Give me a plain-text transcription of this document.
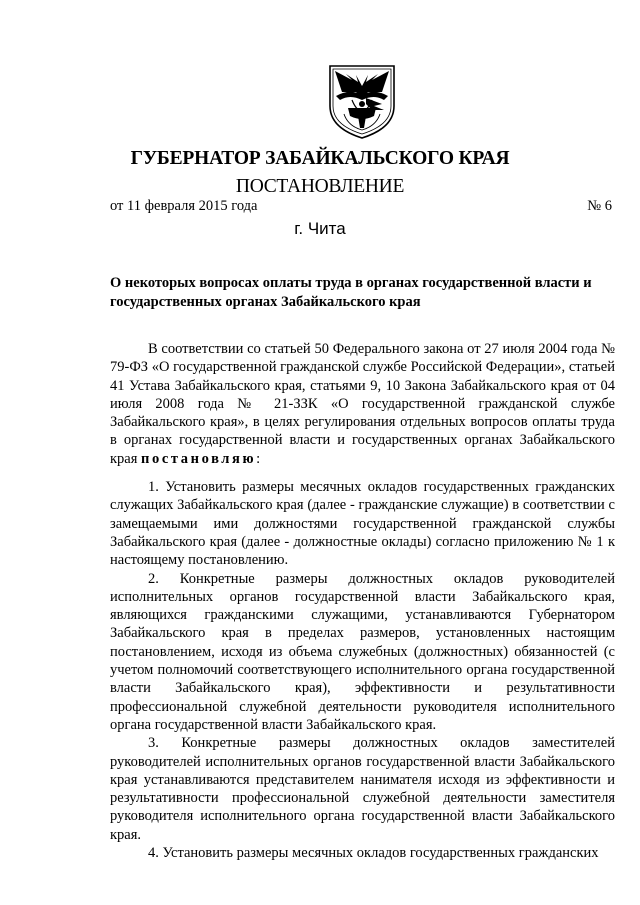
ГУБЕРНАТОР ЗАБАЙКАЛЬСКОГО КРАЯ
ПОСТАНОВЛЕНИЕ
от 11 февраля 2015 года	№ 6
г. Чита
О некоторых вопросах оплаты труда в органах государственной власти и государственных органах Забайкальского края

В соответствии со статьей 50 Федерального закона от 27 июля 2004 года № 79-ФЗ «О государственной гражданской службе Российской Федерации», статьей 41 Устава Забайкальского края, статьями 9, 10 Закона Забайкальского края от 04 июля 2008 года № 21-ЗЗК «О государственной гражданской службе Забайкальского края», в целях регулирования отдельных вопросов оплаты труда в органах государственной власти и государственных органах Забайкальского края постановляю:

1. Установить размеры месячных окладов государственных гражданских служащих Забайкальского края (далее - гражданские служащие) в соответствии с замещаемыми ими должностями государственной гражданской службы Забайкальского края (далее - должностные оклады) согласно приложению № 1 к настоящему постановлению.

2. Конкретные размеры должностных окладов руководителей исполнительных органов государственной власти Забайкальского края, являющихся гражданскими служащими, устанавливаются Губернатором Забайкальского края в пределах размеров, установленных настоящим постановлением, исходя из объема служебных (должностных) обязанностей (с учетом полномочий соответствующего исполнительного органа государственной власти Забайкальского края), эффективности и результативности профессиональной служебной деятельности руководителя исполнительного органа государственной власти Забайкальского края.

3. Конкретные размеры должностных окладов заместителей руководителей исполнительных органов государственной власти Забайкальского края устанавливаются представителем нанимателя исходя из эффективности и результативности профессиональной служебной деятельности заместителя руководителя исполнительного органа государственной власти Забайкальского края.

4. Установить размеры месячных окладов государственных гражданских
